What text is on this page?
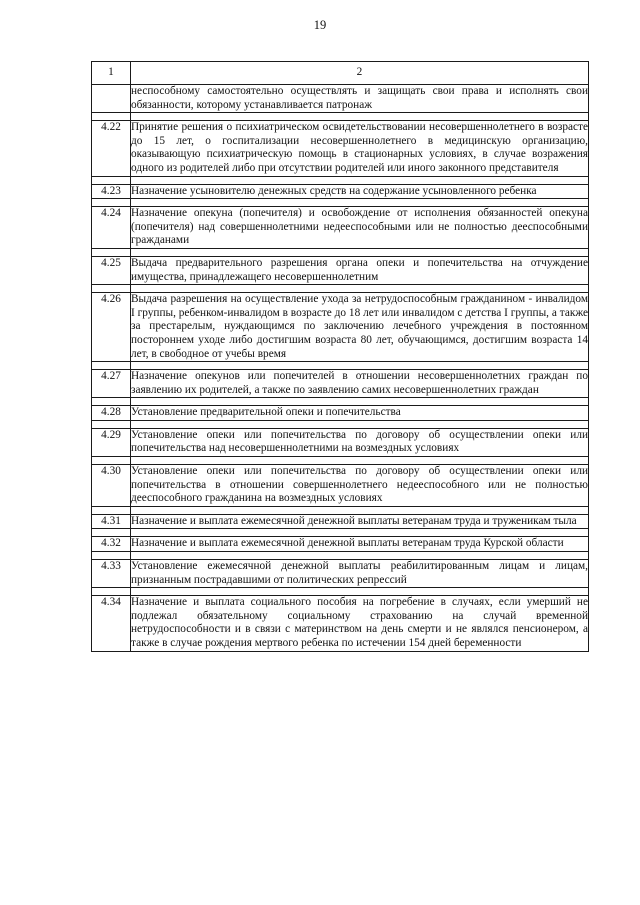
19
1	2

	неспособному самостоятельно осуществлять и защищать свои права и исполнять свои обязанности, которому устанавливается патронаж

4.22	Принятие решения о психиатрическом освидетельствовании несовершеннолетнего в возрасте до 15 лет, о госпитализации несовершеннолетнего в медицинскую организацию, оказывающую психиатрическую помощь в стационарных условиях, в случае возражения одного из родителей либо при отсутствии родителей или иного законного представителя

4.23	Назначение усыновителю денежных средств на содержание усыновленного ребенка

4.24	Назначение опекуна (попечителя) и освобождение от исполнения обязанностей опекуна (попечителя) над совершеннолетними недееспособными или не полностью дееспособными гражданами

4.25	Выдача предварительного разрешения органа опеки и попечительства на отчуждение имущества, принадлежащего несовершеннолетним

4.26	Выдача разрешения на осуществление ухода за нетрудоспособным гражданином - инвалидом I группы, ребенком-инвалидом в возрасте до 18 лет или инвалидом с детства I группы, а также за престарелым, нуждающимся по заключению лечебного учреждения в постоянном постороннем уходе либо достигшим возраста 80 лет, обучающимся, достигшим возраста 14 лет, в свободное от учебы время

4.27	Назначение опекунов или попечителей в отношении несовершеннолетних граждан по заявлению их родителей, а также по заявлению самих несовершеннолетних граждан

4.28	Установление предварительной опеки и попечительства

4.29	Установление опеки или попечительства по договору об осуществлении опеки или попечительства над несовершеннолетними на возмездных условиях

4.30	Установление опеки или попечительства по договору об осуществлении опеки или попечительства в отношении совершеннолетнего недееспособного или не полностью дееспособного гражданина на возмездных условиях

4.31	Назначение и выплата ежемесячной денежной выплаты ветеранам труда и труженикам тыла

4.32	Назначение и выплата ежемесячной денежной выплаты ветеранам труда Курской области

4.33	Установление ежемесячной денежной выплаты реабилитированным лицам и лицам, признанным пострадавшими от политических репрессий

4.34	Назначение и выплата социального пособия на погребение в случаях, если умерший не подлежал обязательному социальному страхованию на случай временной нетрудоспособности и в связи с материнством на день смерти и не являлся пенсионером, а также в случае рождения мертвого ребенка по истечении 154 дней беременности
